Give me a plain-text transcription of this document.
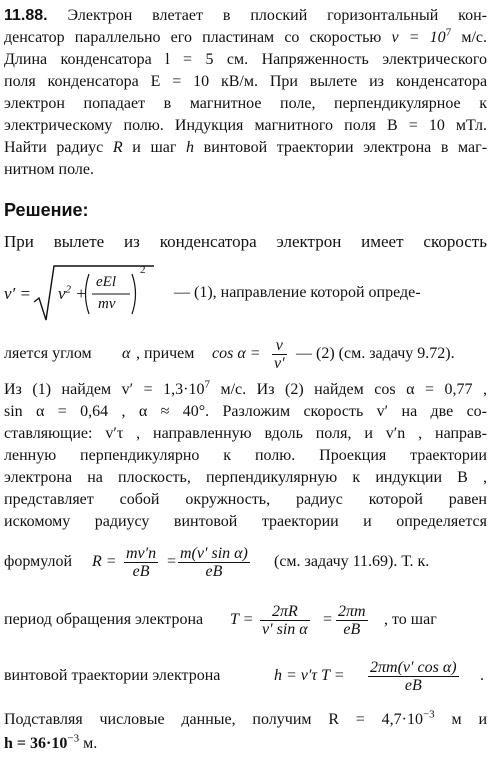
11.88. Электрон влетает в плоский горизонтальный кон-
денсатор параллельно его пластинам со скоростью $v = 10^7$ м/с.
Длина конденсатора l = 5 см. Напряженность электрического
поля конденсатора E = 10 кВ/м. При вылете из конденсатора
электрон попадает в магнитное поле, перпендикулярное к
электрическому полю. Индукция магнитного поля B = 10 мТл.
Найти радиус R и шаг h винтовой траектории электрона в маг-
нитном поле.
Решение:
При вылете из конденсатора электрон имеет скорость
$v' = v^2$ +
eEl
mv
2
— (1), направление которой опреде-
ляется углом α , причем $\cos \alpha = \frac{v}{v'}$ — (2) (см. задачу 9.72).
Из (1) найдем $v' = 1,3\cdot 10^7$ м/с. Из (2) найдем cos α = 0,77 ,
sin α = 0,64 , α ≈ 40°. Разложим скорость v′ на две со-
ставляющие: v′τ , направленную вдоль поля, и v′n , направ-
ленную перпендикулярно к полю. Проекция траектории
электрона на плоскость, перпендикулярную к индукции B ,
представляет собой окружность, радиус которой равен
искомому радиусу винтовой траектории и определяется
формулой $R = \frac{mv'n}{eB} = \frac{\text{m(v′ sin α)}}{eB} (см$. задачу 11.69). Т. к.
период обращения электрона $T = \frac{2\pi R}{\text{v′ sin α}} = \frac{2\pi m}{eB}$ , то шаг
винтовой траектории электрона	h = v′τ $T = \frac{\text{2πm(v′ cos α)}}{eB}$ .
Подставляя числовые данные, получим $R = 4,7\cdot 10^{-3}$ м и
$h = 36\cdot 10^{-3}$ м.
